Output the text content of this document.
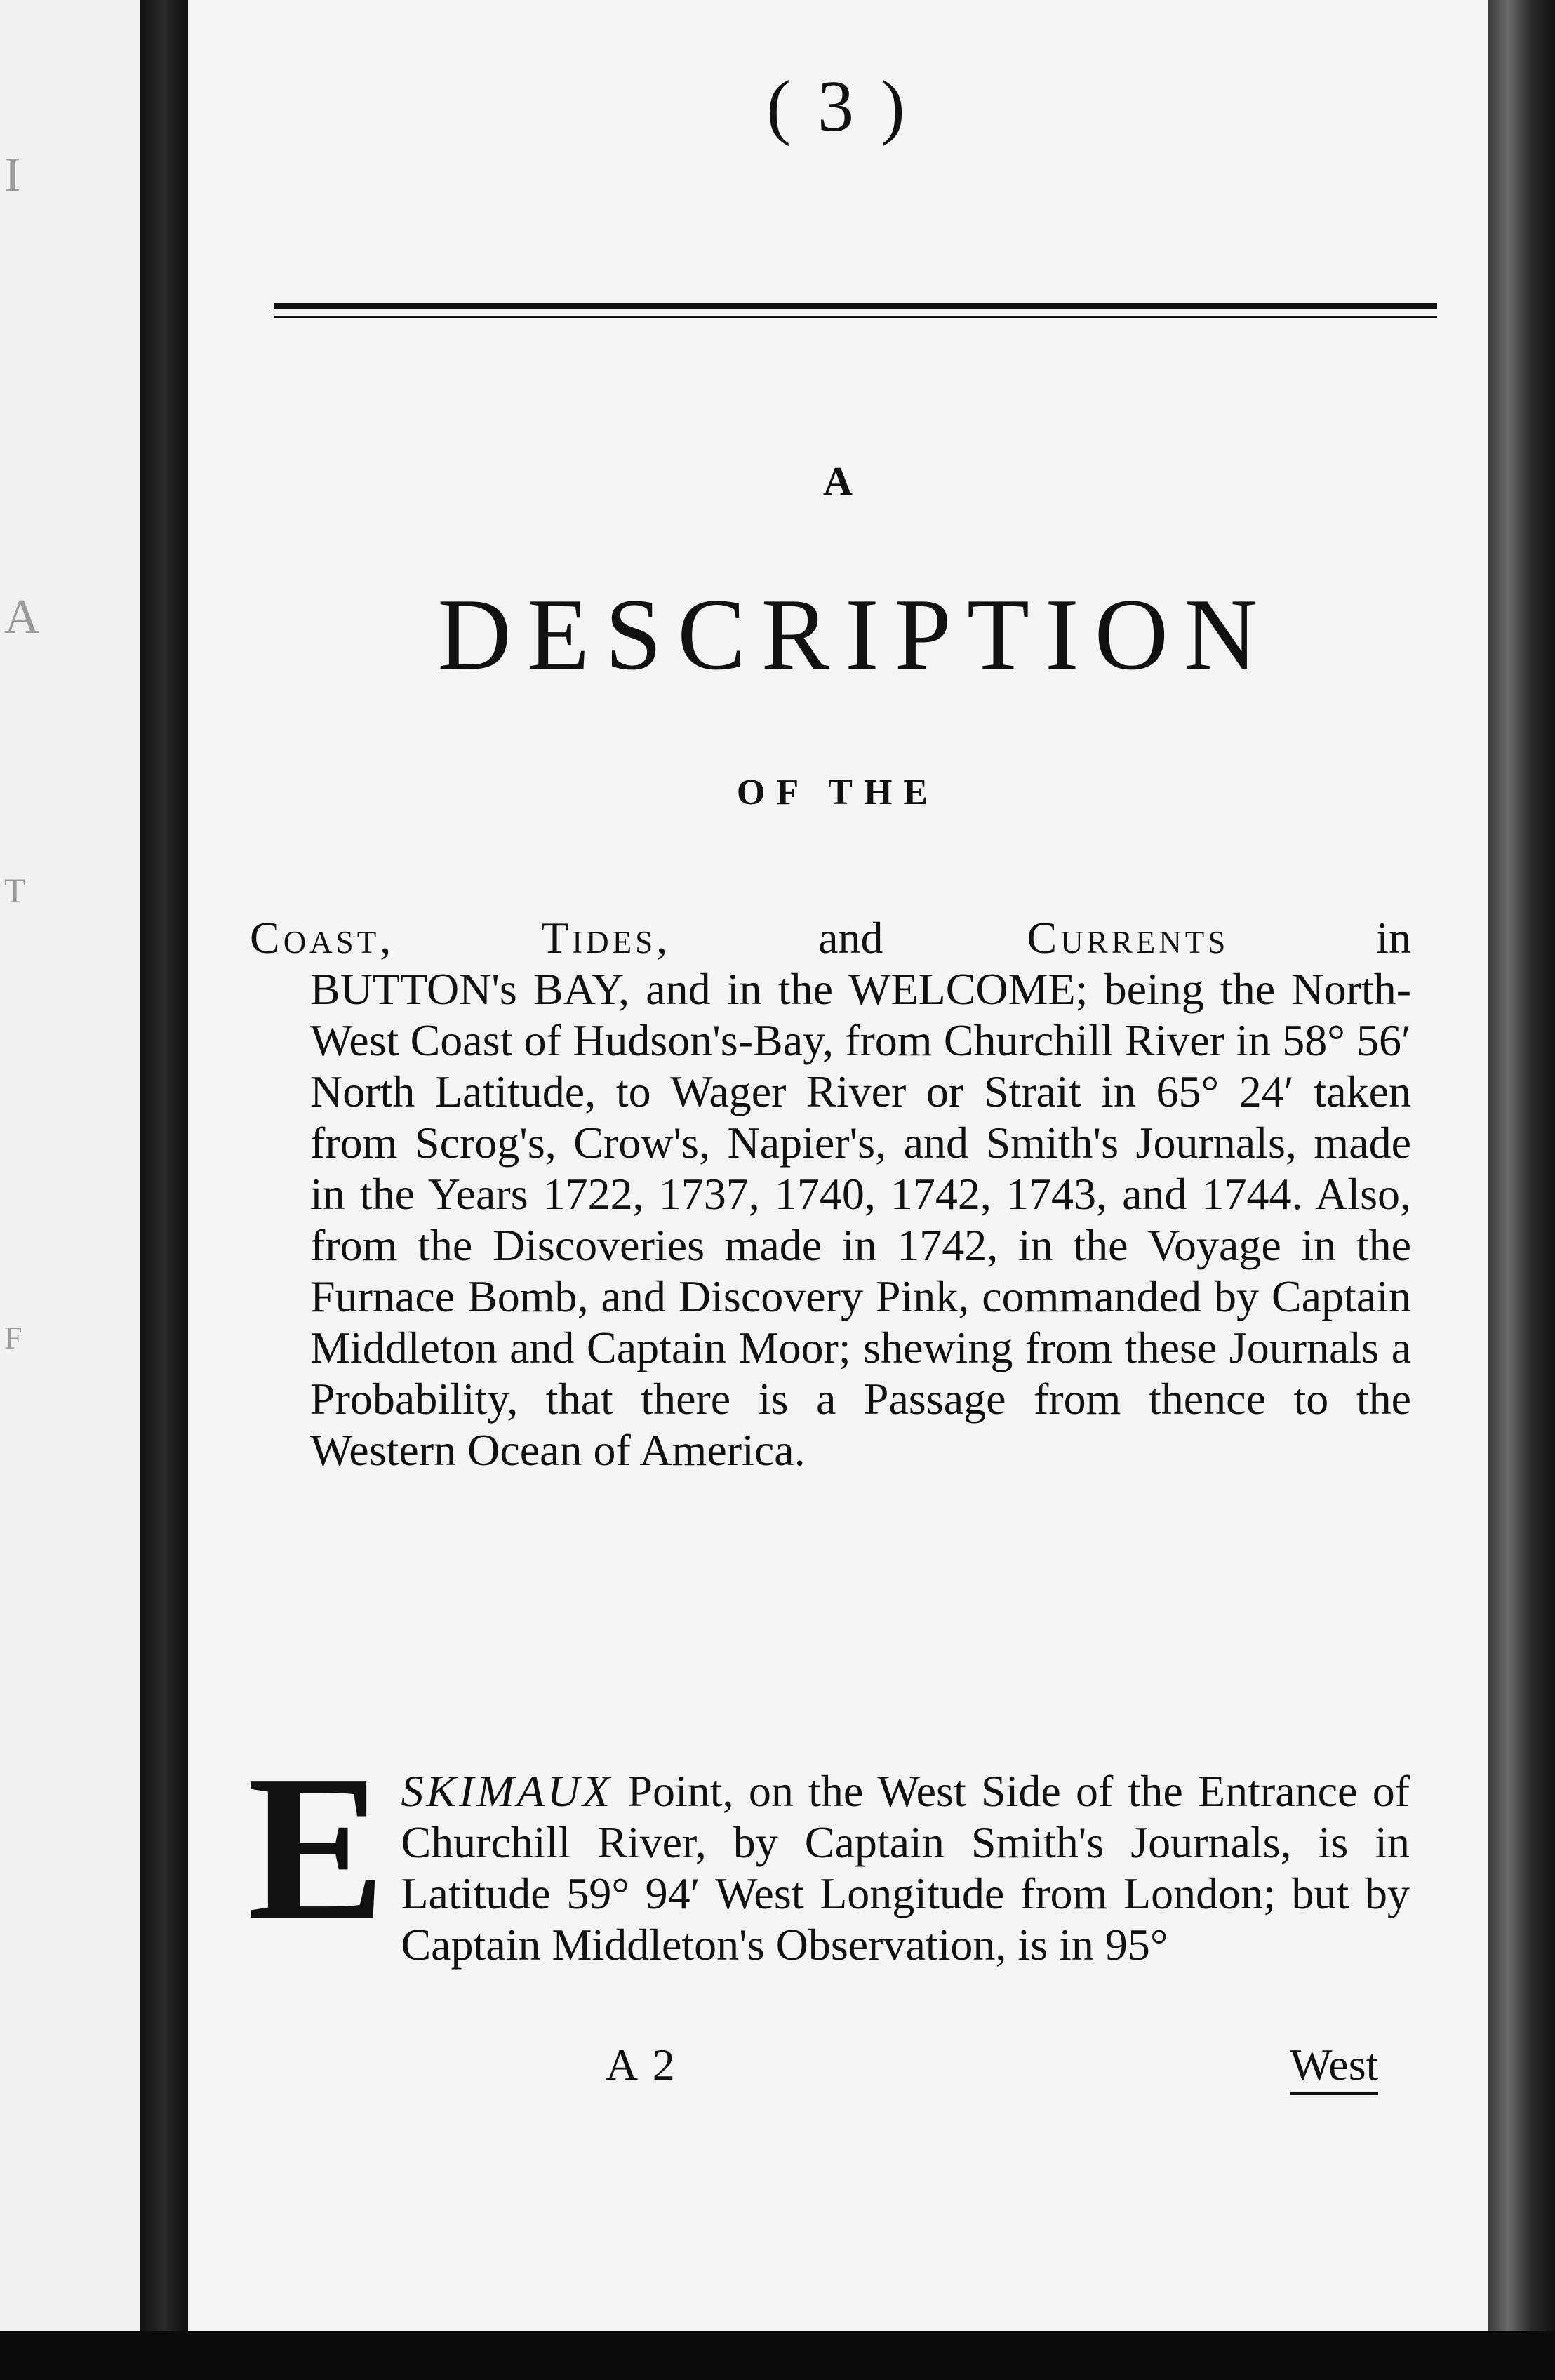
I
A
T
F
( 3 )
A
DESCRIPTION
OF THE
Coast, Tides, and Currents in
BUTTON's BAY, and in the WELCOME; being the North-West Coast of Hudson's-Bay, from Churchill River in 58° 56′ North Latitude, to Wager River or Strait in 65° 24′ taken from Scrog's, Crow's, Napier's, and Smith's Journals, made in the Years 1722, 1737, 1740, 1742, 1743, and 1744. Also, from the Discoveries made in 1742, in the Voyage in the Furnace Bomb, and Discovery Pink, commanded by Captain Middleton and Captain Moor; shewing from these Journals a Probability, that there is a Passage from thence to the Western Ocean of America.
E SKIMAUX Point, on the West Side of the Entrance of Churchill River, by Captain Smith's Journals, is in Latitude 59° 94′ West Longitude from London; but by Captain Middleton's Observation, is in 95°
A 2	West
